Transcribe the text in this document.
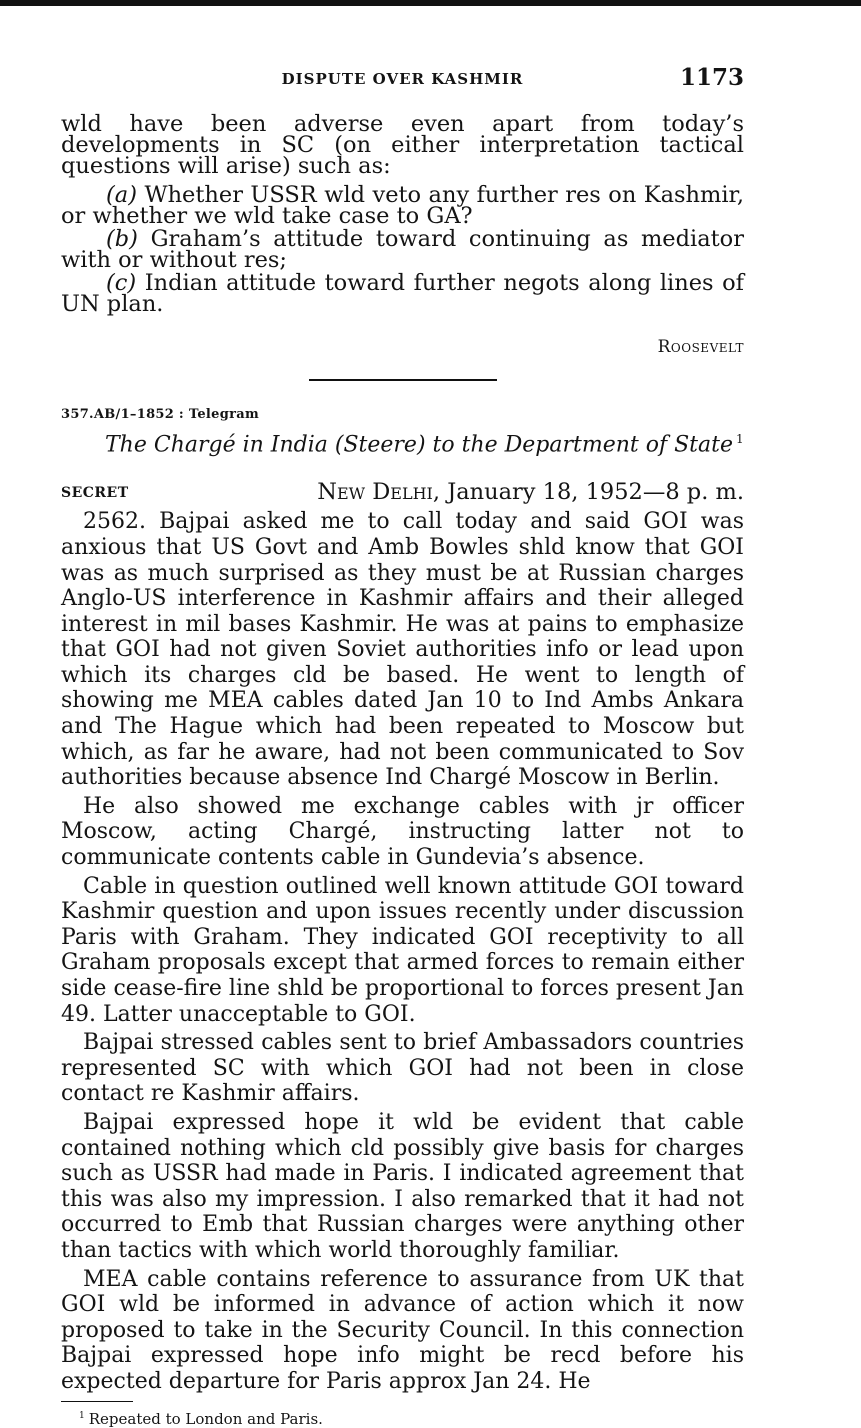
DISPUTE OVER KASHMIR	1173

wld have been adverse even apart from today’s developments in SC (on either interpretation tactical questions will arise) such as:

(a) Whether USSR wld veto any further res on Kashmir, or whether we wld take case to GA?

(b) Graham’s attitude toward continuing as mediator with or without res;

(c) Indian attitude toward further negots along lines of UN plan.

Roosevelt
357.AB/1–1852 : Telegram
The Chargé in India (Steere) to the Department of State $^1$
SECRET	New Delhi, January 18, 1952—8 p. m.

2562. Bajpai asked me to call today and said GOI was anxious that US Govt and Amb Bowles shld know that GOI was as much surprised as they must be at Russian charges Anglo-US interference in Kashmir affairs and their alleged interest in mil bases Kashmir. He was at pains to emphasize that GOI had not given Soviet authorities info or lead upon which its charges cld be based. He went to length of showing me MEA cables dated Jan 10 to Ind Ambs Ankara and The Hague which had been repeated to Moscow but which, as far he aware, had not been communicated to Sov authorities because absence Ind Chargé Moscow in Berlin.

He also showed me exchange cables with jr officer Moscow, acting Chargé, instructing latter not to communicate contents cable in Gundevia’s absence.

Cable in question outlined well known attitude GOI toward Kashmir question and upon issues recently under discussion Paris with Graham. They indicated GOI receptivity to all Graham proposals except that armed forces to remain either side cease-fire line shld be proportional to forces present Jan 49. Latter unacceptable to GOI.

Bajpai stressed cables sent to brief Ambassadors countries represented SC with which GOI had not been in close contact re Kashmir affairs.

Bajpai expressed hope it wld be evident that cable contained nothing which cld possibly give basis for charges such as USSR had made in Paris. I indicated agreement that this was also my impression. I also remarked that it had not occurred to Emb that Russian charges were anything other than tactics with which world thoroughly familiar.

MEA cable contains reference to assurance from UK that GOI wld be informed in advance of action which it now proposed to take in the Security Council. In this connection Bajpai expressed hope info might be recd before his expected departure for Paris approx Jan 24. He

$^1$ Repeated to London and Paris.
